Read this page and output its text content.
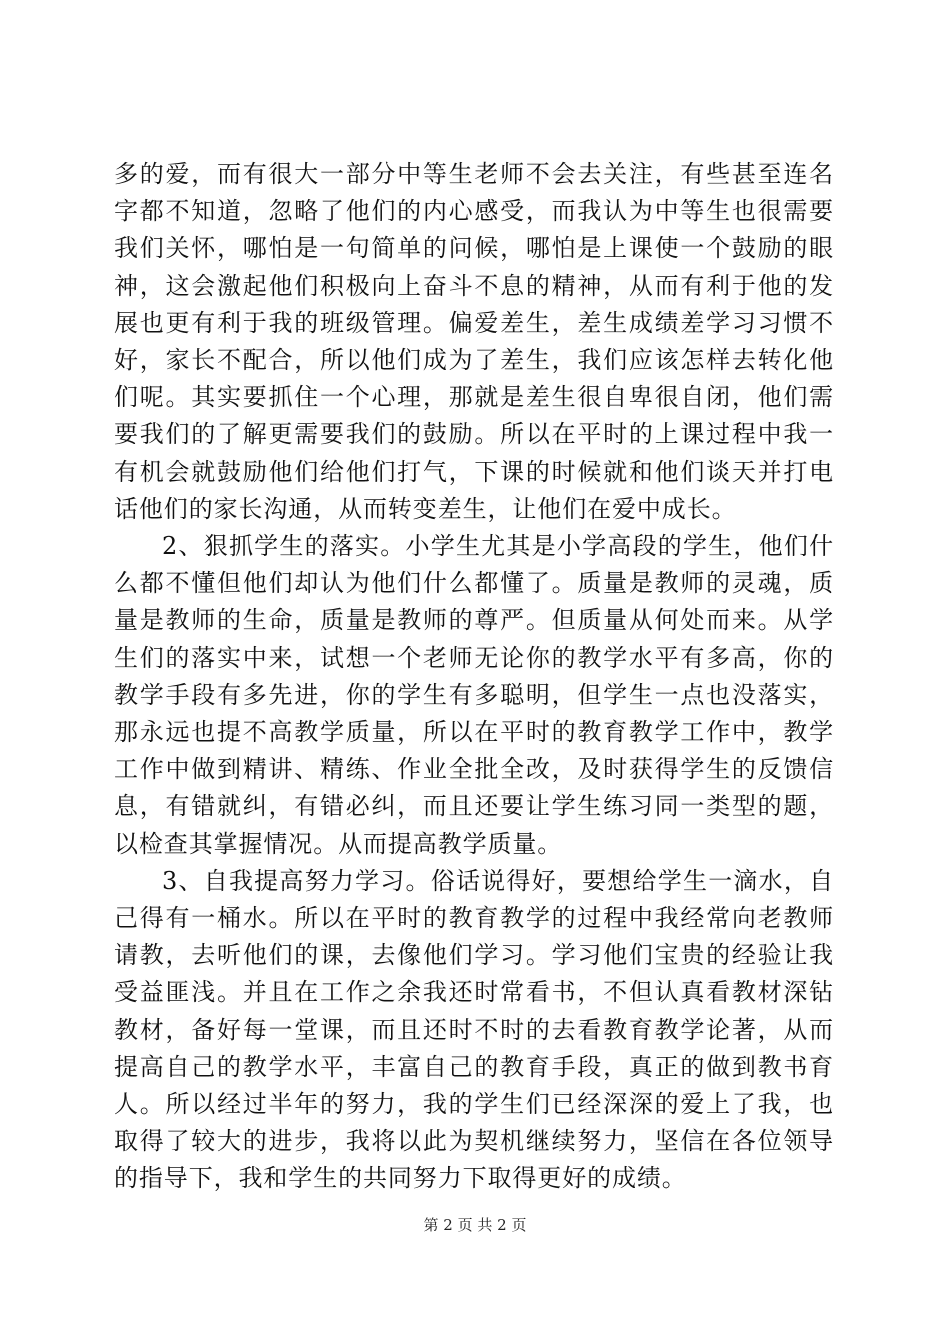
多的爱，而有很大一部分中等生老师不会去关注，有些甚至连名字都不知道，忽略了他们的内心感受，而我认为中等生也很需要我们关怀，哪怕是一句简单的问候，哪怕是上课使一个鼓励的眼神，这会激起他们积极向上奋斗不息的精神，从而有利于他的发展也更有利于我的班级管理。偏爱差生，差生成绩差学习习惯不好，家长不配合，所以他们成为了差生，我们应该怎样去转化他们呢。其实要抓住一个心理，那就是差生很自卑很自闭，他们需要我们的了解更需要我们的鼓励。所以在平时的上课过程中我一有机会就鼓励他们给他们打气，下课的时候就和他们谈天并打电话他们的家长沟通，从而转变差生，让他们在爱中成长。

2、狠抓学生的落实。小学生尤其是小学高段的学生，他们什么都不懂但他们却认为他们什么都懂了。质量是教师的灵魂，质量是教师的生命，质量是教师的尊严。但质量从何处而来。从学生们的落实中来，试想一个老师无论你的教学水平有多高，你的教学手段有多先进，你的学生有多聪明，但学生一点也没落实，那永远也提不高教学质量，所以在平时的教育教学工作中，教学工作中做到精讲、精练、作业全批全改，及时获得学生的反馈信息，有错就纠，有错必纠，而且还要让学生练习同一类型的题，以检查其掌握情况。从而提高教学质量。

3、自我提高努力学习。俗话说得好，要想给学生一滴水，自己得有一桶水。所以在平时的教育教学的过程中我经常向老教师请教，去听他们的课，去像他们学习。学习他们宝贵的经验让我受益匪浅。并且在工作之余我还时常看书，不但认真看教材深钻教材，备好每一堂课，而且还时不时的去看教育教学论著，从而提高自己的教学水平，丰富自己的教育手段，真正的做到教书育人。所以经过半年的努力，我的学生们已经深深的爱上了我，也取得了较大的进步，我将以此为契机继续努力，坚信在各位领导的指导下，我和学生的共同努力下取得更好的成绩。

第 2 页 共 2 页
